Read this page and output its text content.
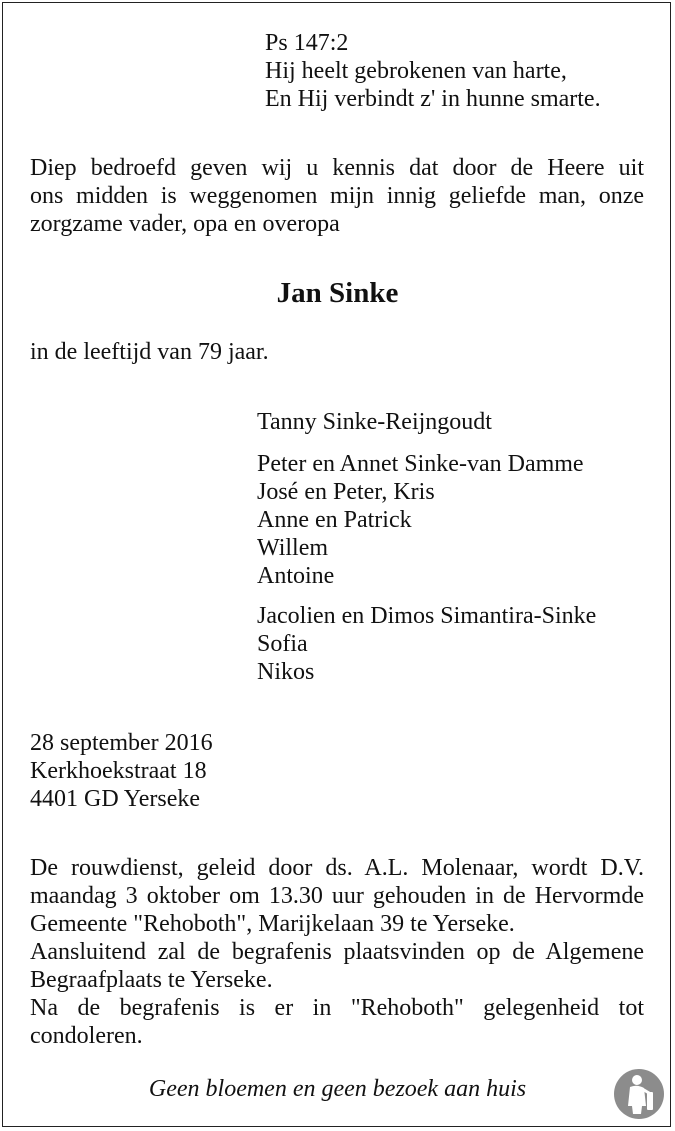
Ps 147:2
Hij heelt gebrokenen van harte,
En Hij verbindt z' in hunne smarte.
Diep bedroefd geven wij u kennis dat door de Heere uit
ons midden is weggenomen mijn innig geliefde man, onze
zorgzame vader, opa en overopa
Jan Sinke
in de leeftijd van 79 jaar.
Tanny Sinke-Reijngoudt
Peter en Annet Sinke-van Damme
José en Peter, Kris
Anne en Patrick
Willem
Antoine
Jacolien en Dimos Simantira-Sinke
Sofia
Nikos
28 september 2016
Kerkhoekstraat 18
4401 GD Yerseke
De rouwdienst, geleid door ds. A.L. Molenaar, wordt D.V.
maandag 3 oktober om 13.30 uur gehouden in de Hervormde
Gemeente "Rehoboth", Marijkelaan 39 te Yerseke.
Aansluitend zal de begrafenis plaatsvinden op de Algemene
Begraafplaats te Yerseke.
Na de begrafenis is er in "Rehoboth" gelegenheid tot
condoleren.
Geen bloemen en geen bezoek aan huis
